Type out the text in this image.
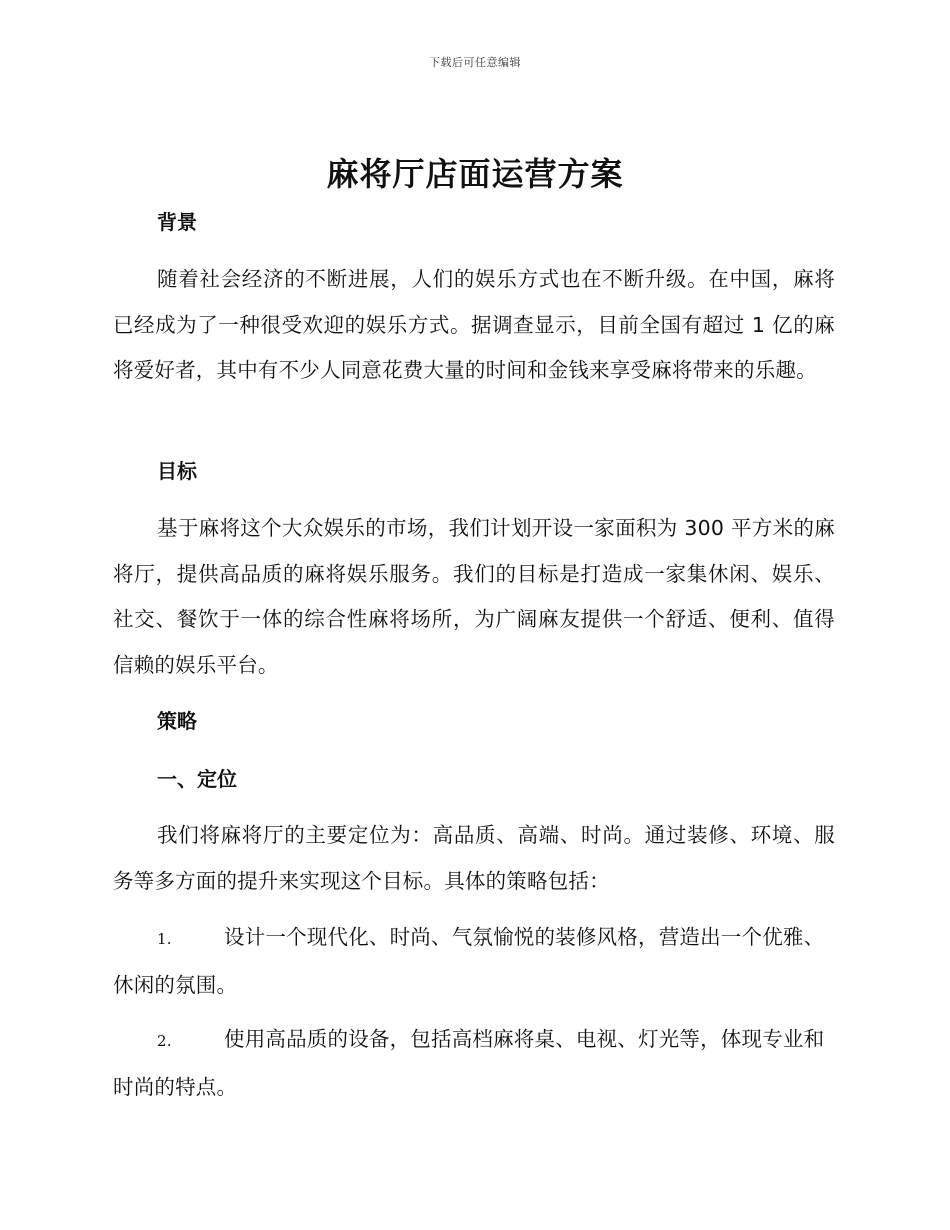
下载后可任意编辑
麻将厅店面运营方案
背景

随着社会经济的不断进展，人们的娱乐方式也在不断升级。在中国，麻将已经成为了一种很受欢迎的娱乐方式。据调查显示，目前全国有超过 1 亿的麻将爱好者，其中有不少人同意花费大量的时间和金钱来享受麻将带来的乐趣。

目标

基于麻将这个大众娱乐的市场，我们计划开设一家面积为 300 平方米的麻将厅，提供高品质的麻将娱乐服务。我们的目标是打造成一家集休闲、娱乐、社交、餐饮于一体的综合性麻将场所，为广阔麻友提供一个舒适、便利、值得信赖的娱乐平台。

策略
一、定位

我们将麻将厅的主要定位为：高品质、高端、时尚。通过装修、环境、服务等多方面的提升来实现这个目标。具体的策略包括：

1.	设计一个现代化、时尚、气氛愉悦的装修风格，营造出一个优雅、休闲的氛围。

2.	使用高品质的设备，包括高档麻将桌、电视、灯光等，体现专业和时尚的特点。
